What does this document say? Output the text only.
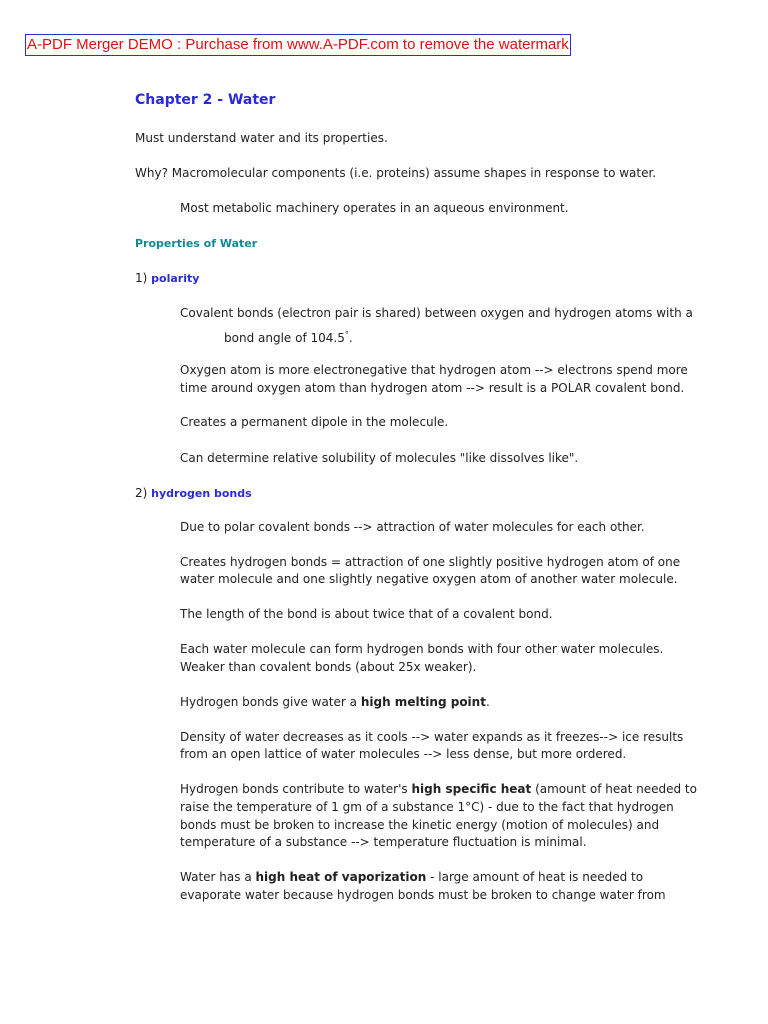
A-PDF Merger DEMO : Purchase from www.A-PDF.com to remove the watermark
Chapter 2 - Water
Must understand water and its properties.
Why? Macromolecular components (i.e. proteins) assume shapes in response to water.
Most metabolic machinery operates in an aqueous environment.
Properties of Water
1) polarity
Covalent bonds (electron pair is shared) between oxygen and hydrogen atoms with a
bond angle of 104.5°.
Oxygen atom is more electronegative that hydrogen atom --> electrons spend more
time around oxygen atom than hydrogen atom --> result is a POLAR covalent bond.
Creates a permanent dipole in the molecule.
Can determine relative solubility of molecules "like dissolves like".
2) hydrogen bonds
Due to polar covalent bonds --> attraction of water molecules for each other.
Creates hydrogen bonds = attraction of one slightly positive hydrogen atom of one
water molecule and one slightly negative oxygen atom of another water molecule.
The length of the bond is about twice that of a covalent bond.
Each water molecule can form hydrogen bonds with four other water molecules.
Weaker than covalent bonds (about 25x weaker).
Hydrogen bonds give water a high melting point.
Density of water decreases as it cools --> water expands as it freezes--> ice results
from an open lattice of water molecules --> less dense, but more ordered.
Hydrogen bonds contribute to water's high specific heat (amount of heat needed to
raise the temperature of 1 gm of a substance 1°C) - due to the fact that hydrogen
bonds must be broken to increase the kinetic energy (motion of molecules) and
temperature of a substance --> temperature fluctuation is minimal.
Water has a high heat of vaporization - large amount of heat is needed to
evaporate water because hydrogen bonds must be broken to change water from
